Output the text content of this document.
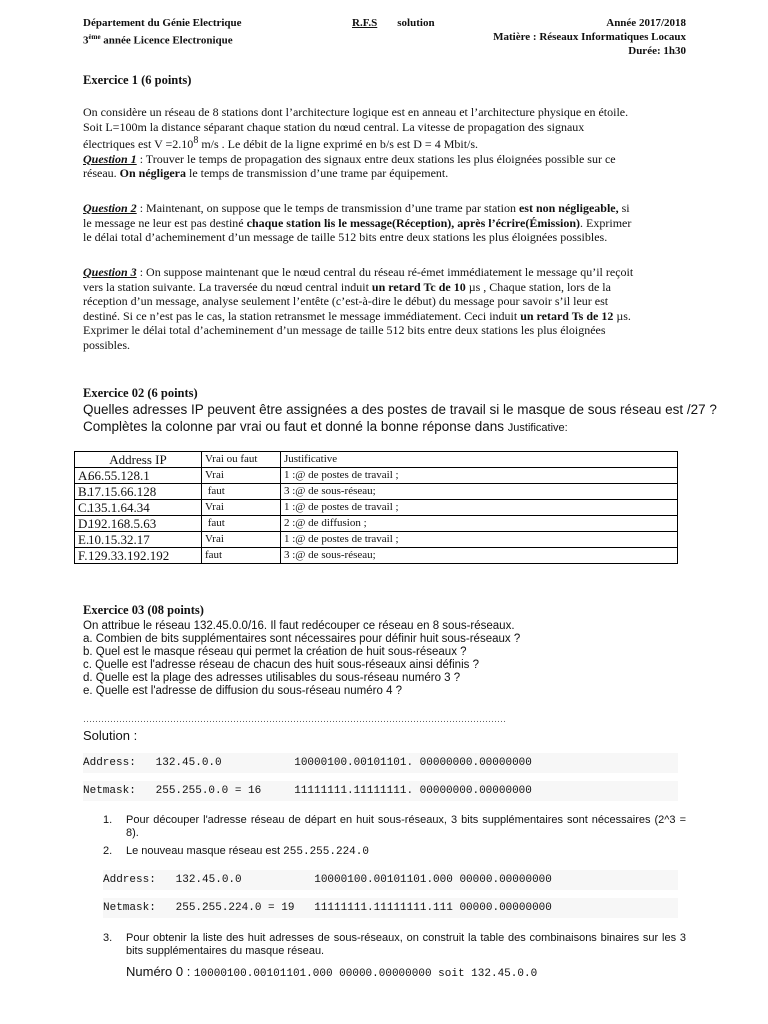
Département du Génie Electrique
3ème année Licence Electronique
R.F.S solution	Année 2017/2018
Matière : Réseaux Informatiques Locaux
Durée: 1h30
Exercice 1 (6 points)
On considère un réseau de 8 stations dont l’architecture logique est en anneau et l’architecture physique en étoile.
Soit L=100m la distance séparant chaque station du nœud central. La vitesse de propagation des signaux
électriques est $V =2.10^8$ m/s . Le débit de la ligne exprimé en b/s est D = 4 Mbit/s.
Question 1 : Trouver le temps de propagation des signaux entre deux stations les plus éloignées possible sur ce
réseau. On négligera le temps de transmission d’une trame par équipement.
Question 2 : Maintenant, on suppose que le temps de transmission d’une trame par station est non négligeable, si
le message ne leur est pas destiné chaque station lis le message(Réception), après l’écrire(Émission). Exprimer
le délai total d’acheminement d’un message de taille 512 bits entre deux stations les plus éloignées possibles.
Question 3 : On suppose maintenant que le nœud central du réseau ré-émet immédiatement le message qu’il reçoit
vers la station suivante. La traversée du nœud central induit un retard Tc de 10 µs , Chaque station, lors de la
réception d’un message, analyse seulement l’entête (c’est-à-dire le début) du message pour savoir s’il leur est
destiné. Si ce n’est pas le cas, la station retransmet le message immédiatement. Ceci induit un retard Ts de 12 µs.
Exprimer le délai total d’acheminement d’un message de taille 512 bits entre deux stations les plus éloignées
possibles.
Exercice 02 (6 points)
Quelles adresses IP peuvent être assignées a des postes de travail si le masque de sous réseau est /27 ?
Complètes la colonne par vrai ou faut et donné la bonne réponse dans Justificative:
Address IP	Vrai ou faut	Justificative
A.66.55.128.1	Vrai	1 :@ de postes de travail ;
B.17.15.66.128	faut	3 :@ de sous-réseau;
C.135.1.64.34	Vrai	1 :@ de postes de travail ;
D.192.168.5.63	faut	2 :@ de diffusion ;
E.10.15.32.17	Vrai	1 :@ de postes de travail ;
F.129.33.192.192	faut	3 :@ de sous-réseau;
Exercice 03 (08 points)
On attribue le réseau 132.45.0.0/16. Il faut redécouper ce réseau en 8 sous-réseaux.
a. Combien de bits supplémentaires sont nécessaires pour définir huit sous-réseaux ?
b. Quel est le masque réseau qui permet la création de huit sous-réseaux ?
c. Quelle est l'adresse réseau de chacun des huit sous-réseaux ainsi définis ?
d. Quelle est la plage des adresses utilisables du sous-réseau numéro 3 ?
e. Quelle est l'adresse de diffusion du sous-réseau numéro 4 ?
……………………………………………………………………………………………………………………………
Solution :
Address:   132.45.0.0           10000100.00101101. 00000000.00000000
Netmask:   255.255.0.0 = 16     11111111.11111111. 00000000.00000000
1. Pour découper l'adresse réseau de départ en huit sous-réseaux, 3 bits supplémentaires sont nécessaires (2^3 = 8).
2. Le nouveau masque réseau est 255.255.224.0
Address:   132.45.0.0           10000100.00101101.000 00000.00000000
Netmask:   255.255.224.0 = 19   11111111.11111111.111 00000.00000000
3. Pour obtenir la liste des huit adresses de sous-réseaux, on construit la table des combinaisons binaires sur les 3 bits supplémentaires du masque réseau.
Numéro 0 : 10000100.00101101.000 00000.00000000 soit 132.45.0.0
